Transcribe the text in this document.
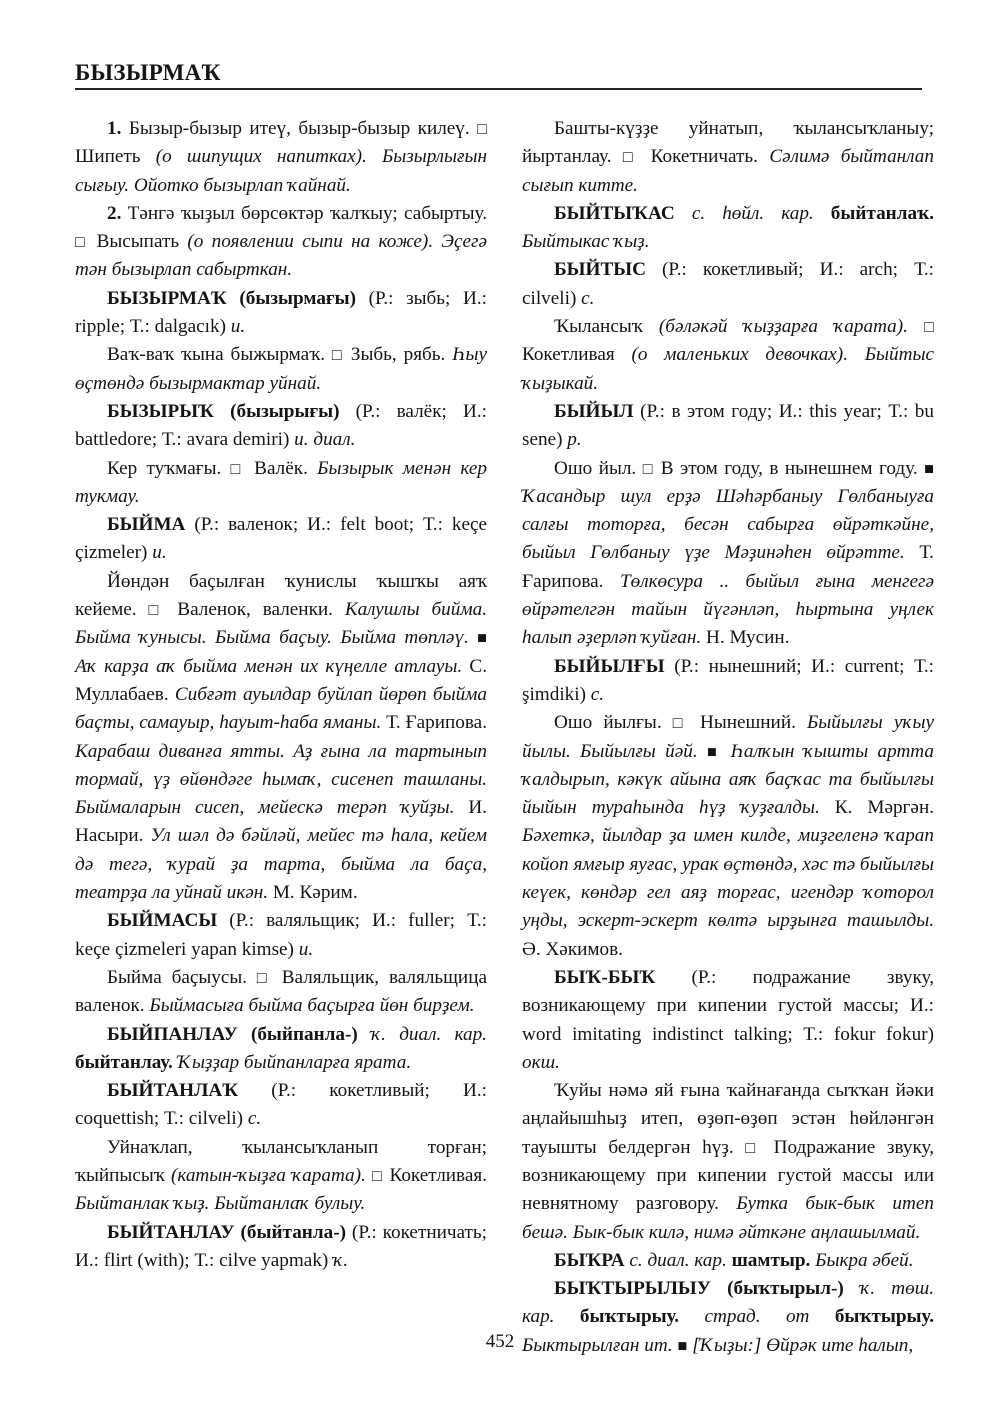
БЫЗЫРМАҠ

1. Бызыр-бызыр итеү, бызыр-бызыр килеү. □ Шипеть (о шипущих напитках). Бызырлығын сығыу. Ойотко бызырлап ҡайнай.

2. Тәнгә ҡыҙыл бөрсөктәр ҡалҡыу; сабыртыу. □ Высыпать (о появлении сыпи на коже). Эҫегә тән бызырлап сабырткан.

БЫЗЫРМАҠ (бызырмағы) (Р.: зыбь; И.: ripple; Т.: dalgacık) и.

Ваҡ-ваҡ ҡына быжырмаҡ. □ Зыбь, рябь. Һыу өҫтөндә бызырмактар уйнай.

БЫЗЫРЫҠ (бызырығы) (Р.: валёк; И.: battledore; Т.: avara demiri) и. диал.

Кер туҡмағы. □ Валёк. Бызырык менән кер тукмау.

БЫЙМА (Р.: валенок; И.: felt boot; Т.: keçe çizmeler) и.

Йөндән баҫылған ҡунислы ҡышҡы аяҡ кейеме. □ Валенок, валенки. Калушлы бийма. Быйма ҡунысы. Быйма баҫыу. Быйма төпләү. ■ Аҡ карҙа аҡ быйма менән их күңелле атлауы. С. Муллабаев. Сибғәт ауылдар буйлап йөрөп быйма баҫты, самауыр, һауыт-һаба яманы. Т. Ғарипова. Карабаш диванға ятты. Аҙ ғына ла тартынып тормай, үҙ өйөндәге һымаҡ, сисенеп ташланы. Быймаларын сисеп, мейескә терәп ҡуйҙы. И. Насыри. Ул шәл дә бәйләй, мейес тә һала, кейем дә тегә, ҡурай ҙа тарта, быйма ла баҫа, театрҙа ла уйнай икән. М. Кәрим.

БЫЙМАСЫ (Р.: валяльщик; И.: fuller; Т.: keçe çizmeleri yapan kimse) и.

Быйма баҫыусы. □ Валяльщик, валяльщица валенок. Быймасыға быйма баҫырға йөн бирҙем.

БЫЙПАНЛАУ (быйпанла-) ҡ. диал. кар. быйтанлау. Ҡыҙҙар быйпанларға ярата.

БЫЙТАНЛАҠ (Р.: кокетливый; И.: coquettish; Т.: cilveli) с.

Уйнаҡлап, ҡылансыҡланып торған; ҡыйпысыҡ (катын-ҡыҙға ҡарата). □ Кокетливая. Быйтанлак ҡыҙ. Быйтанлаҡ булыу.

БЫЙТАНЛАУ (быйтанла-) (Р.: кокетничать; И.: flirt (with); Т.: cilve yapmak) ҡ.

Башты-күҙҙе уйнатып, ҡылансыҡланыу; йыртанлау. □ Кокетничать. Сәлимә быйтанлап сығып китте.

БЫЙТЫҠАС с. һөйл. кар. быйтанлаҡ. Быйтыкас ҡыҙ.

БЫЙТЫС (Р.: кокетливый; И.: arch; Т.: cilveli) с.

Ҡылансыҡ (бәләкәй ҡыҙҙарға ҡарата). □ Кокетливая (о маленьких девочках). Быйтыс ҡыҙыкай.

БЫЙЫЛ (Р.: в этом году; И.: this year; Т.: bu sene) р.

Ошо йыл. □ В этом году, в нынешнем году. ■ Ҡасандыр шул ерҙә Шәһәрбаныу Гөлбаныуға салғы тоторға, бесән сабырға өйрәткәйне, быйыл Гөлбаныу үҙе Мәҙинәһен өйрәтте. Т. Ғарипова. Төлкөсура .. быйыл ғына менгегә өйрәтелгән тайын йүгәнләп, һыртына уңлек һалып әҙерләп ҡуйған. Н. Мусин.

БЫЙЫЛҒЫ (Р.: нынешний; И.: current; Т.: şimdiki) с.

Ошо йылғы. □ Нынешний. Быйылғы уҡыу йылы. Быйылғы йәй. ■ Һалҡын ҡышты артта ҡалдырып, кәкүк айына аяҡ баҫҡас та быйылғы йыйын тураһында һүҙ ҡуҙғалды. К. Мәргән. Бәхеткә, йылдар ҙа имен килде, миҙгеленә ҡарап койоп ямғыр яуғас, урак өҫтөндә, хәс тә быйылғы кеүек, көндәр гел аяҙ торғас, игендәр ҡоторол уңды, эскерт-эскерт көлтә ырҙынға ташылды. Ә. Хәкимов.

БЫҠ-БЫҠ (Р.: подражание звуку, возникающему при кипении густой массы; И.: word imitating indistinct talking; Т.: fokur fokur) окш.

Ҡуйы нәмә яй ғына ҡайнағанда сыҡҡан йәки аңлайышһыҙ итеп, өҙөп-өҙөп эстән һөйләнгән тауышты белдергән һүҙ. □ Подражание звуку, возникающему при кипении густой массы или невнятному разговору. Бутка бык-бык итеп бешә. Бык-бык килә, нимә әйткәне аңлашылмай.

БЫҠРА с. диал. кар. шамтыр. Быкра әбей.

БЫҠТЫРЫЛЫУ (быҡтырыл-) ҡ. төш. кар. быҡтырыу. страд. от быҡтырыу. Быктырылған ит. ■ [Ҡыҙы:] Өйрәк ите һалып,

452
